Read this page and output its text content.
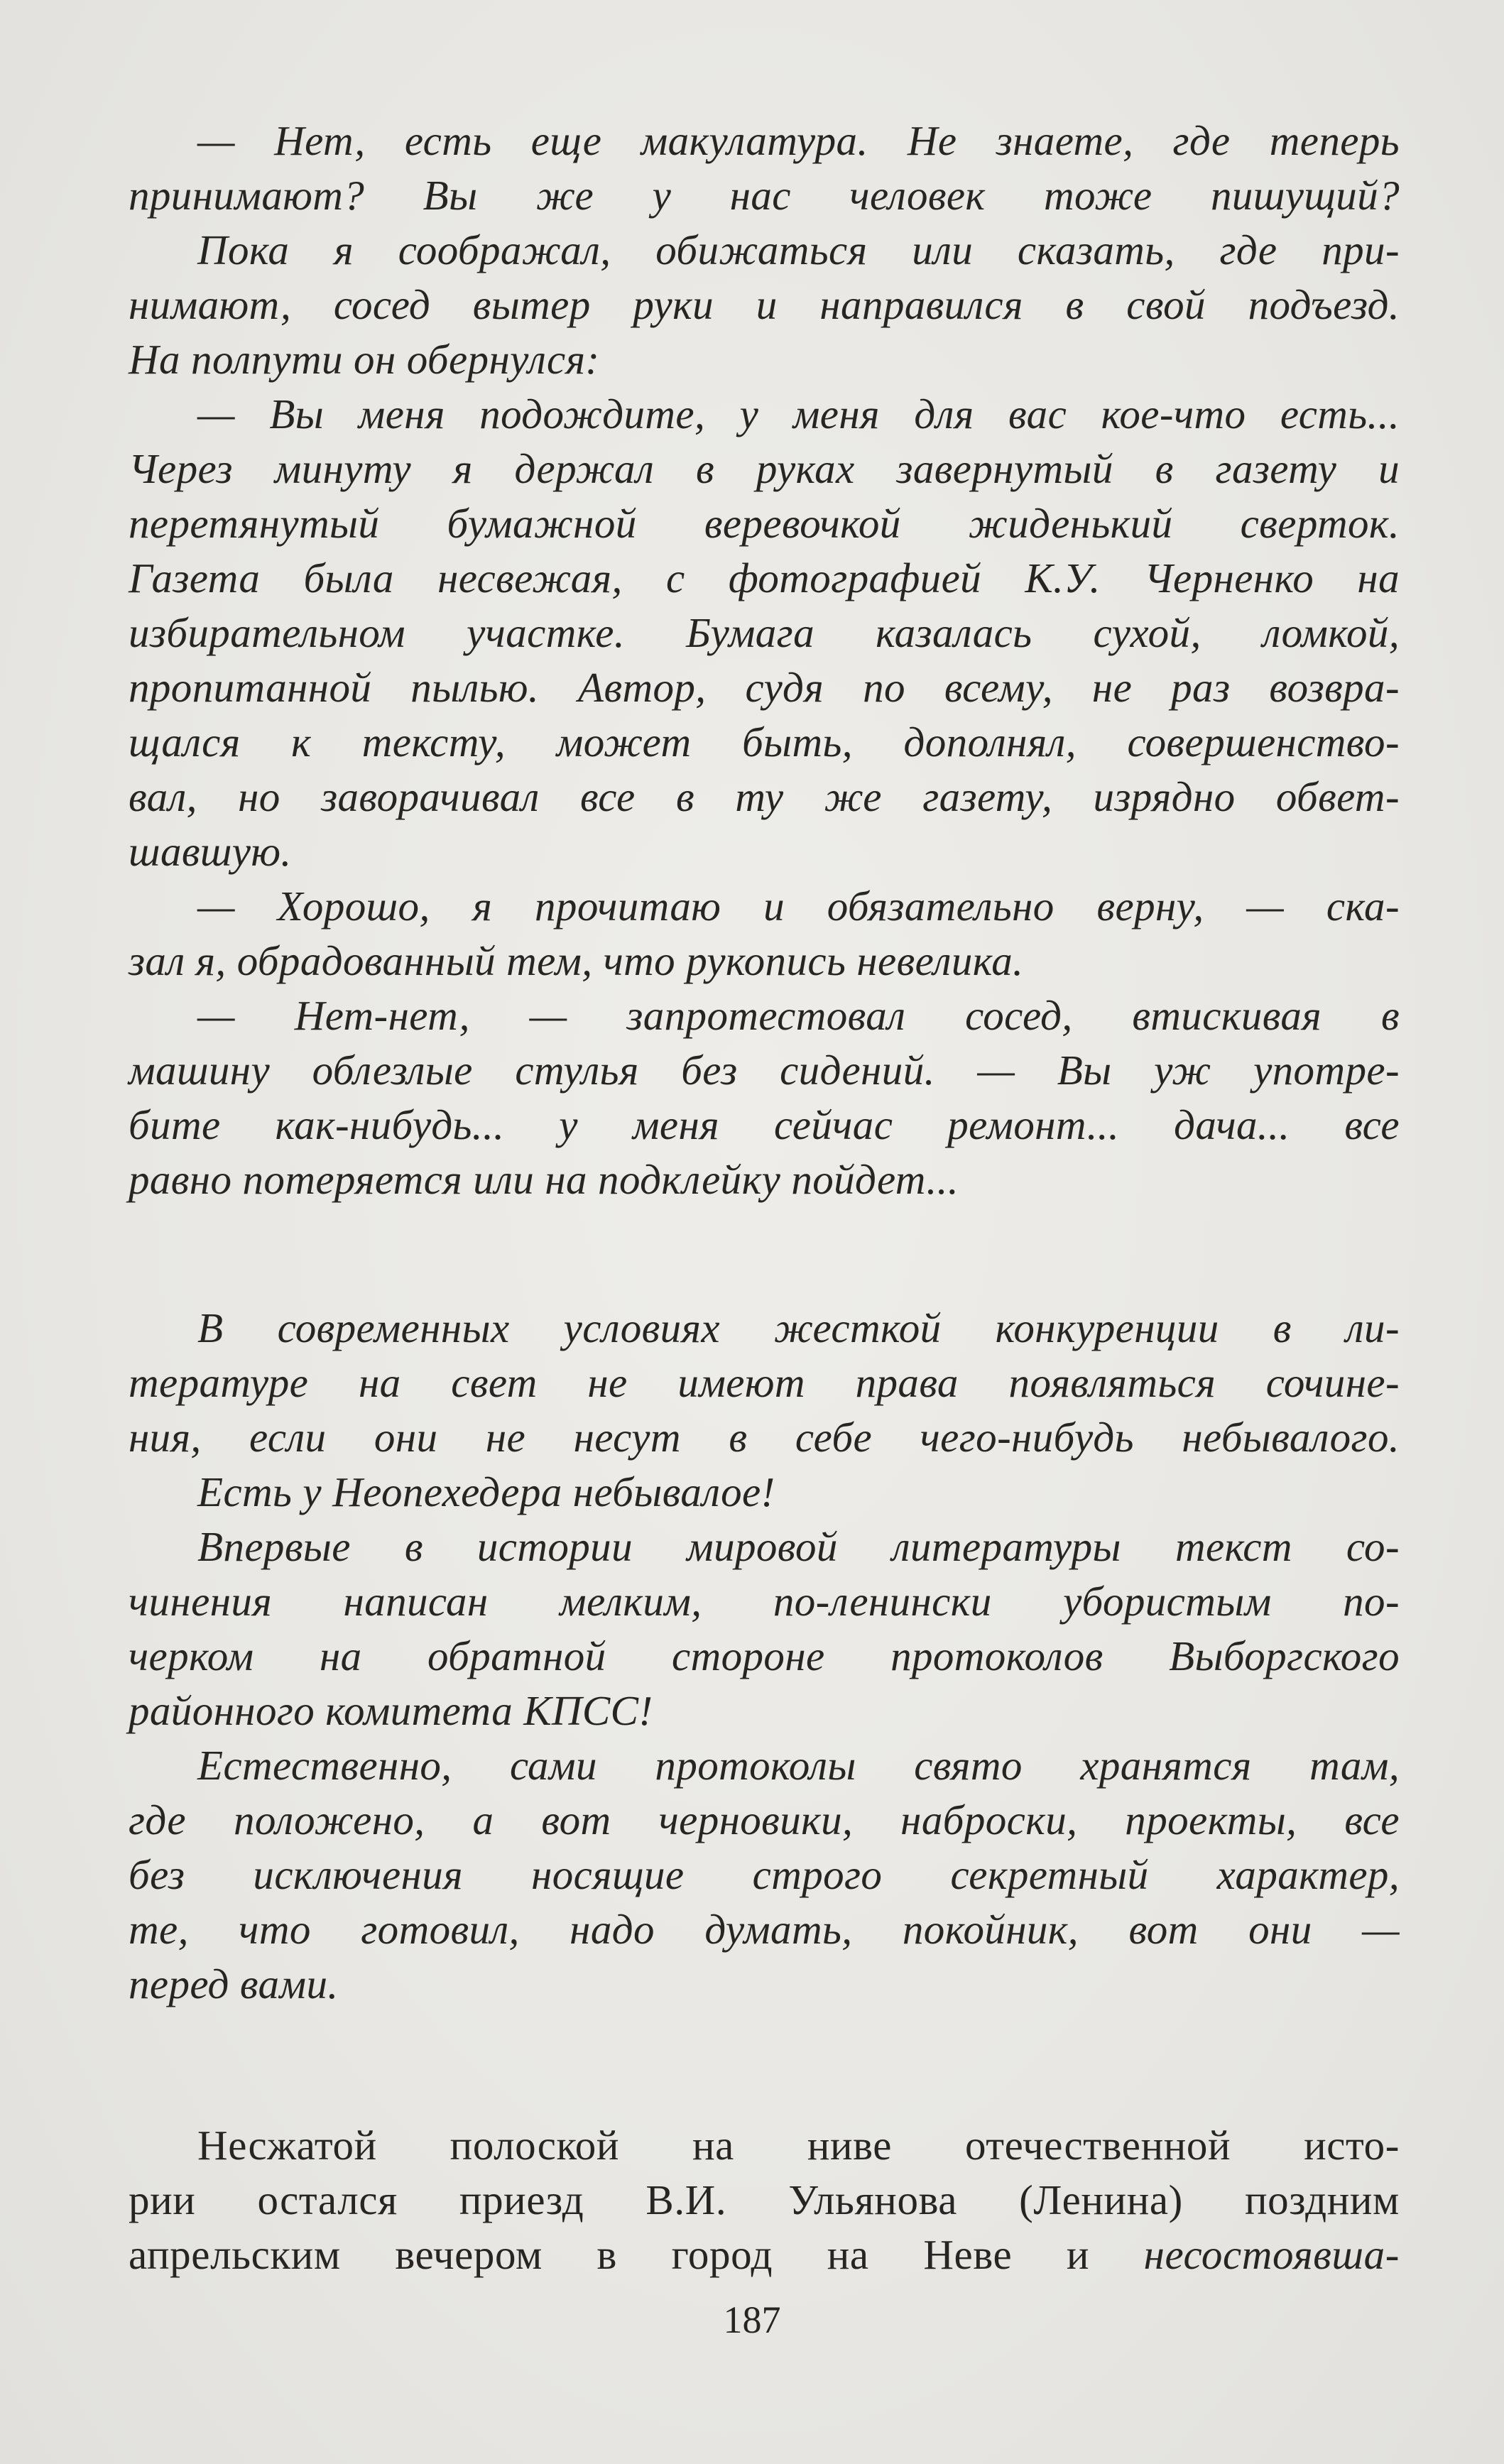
— Нет, есть еще макулатура. Не знаете, где теперь
принимают? Вы же у нас человек тоже пишущий?
Пока я соображал, обижаться или сказать, где при-
нимают, сосед вытер руки и направился в свой подъезд.
На полпути он обернулся:
— Вы меня подождите, у меня для вас кое-что есть...
Через минуту я держал в руках завернутый в газету и
перетянутый бумажной веревочкой жиденький сверток.
Газета была несвежая, с фотографией К.У. Черненко на
избирательном участке. Бумага казалась сухой, ломкой,
пропитанной пылью. Автор, судя по всему, не раз возвра-
щался к тексту, может быть, дополнял, совершенство-
вал, но заворачивал все в ту же газету, изрядно обвет-
шавшую.
— Хорошо, я прочитаю и обязательно верну, — ска-
зал я, обрадованный тем, что рукопись невелика.
— Нет-нет, — запротестовал сосед, втискивая в
машину облезлые стулья без сидений. — Вы уж употре-
бите как-нибудь... у меня сейчас ремонт... дача... все
равно потеряется или на подклейку пойдет...
В современных условиях жесткой конкуренции в ли-
тературе на свет не имеют права появляться сочине-
ния, если они не несут в себе чего-нибудь небывалого.
Есть у Неопехедера небывалое!
Впервые в истории мировой литературы текст со-
чинения написан мелким, по-ленински убористым по-
черком на обратной стороне протоколов Выборгского
районного комитета КПСС!
Естественно, сами протоколы свято хранятся там,
где положено, а вот черновики, наброски, проекты, все
без исключения носящие строго секретный характер,
те, что готовил, надо думать, покойник, вот они —
перед вами.
Несжатой полоской на ниве отечественной исто-
рии остался приезд В.И. Ульянова (Ленина) поздним
апрельским вечером в город на Неве и несостоявша-
187
